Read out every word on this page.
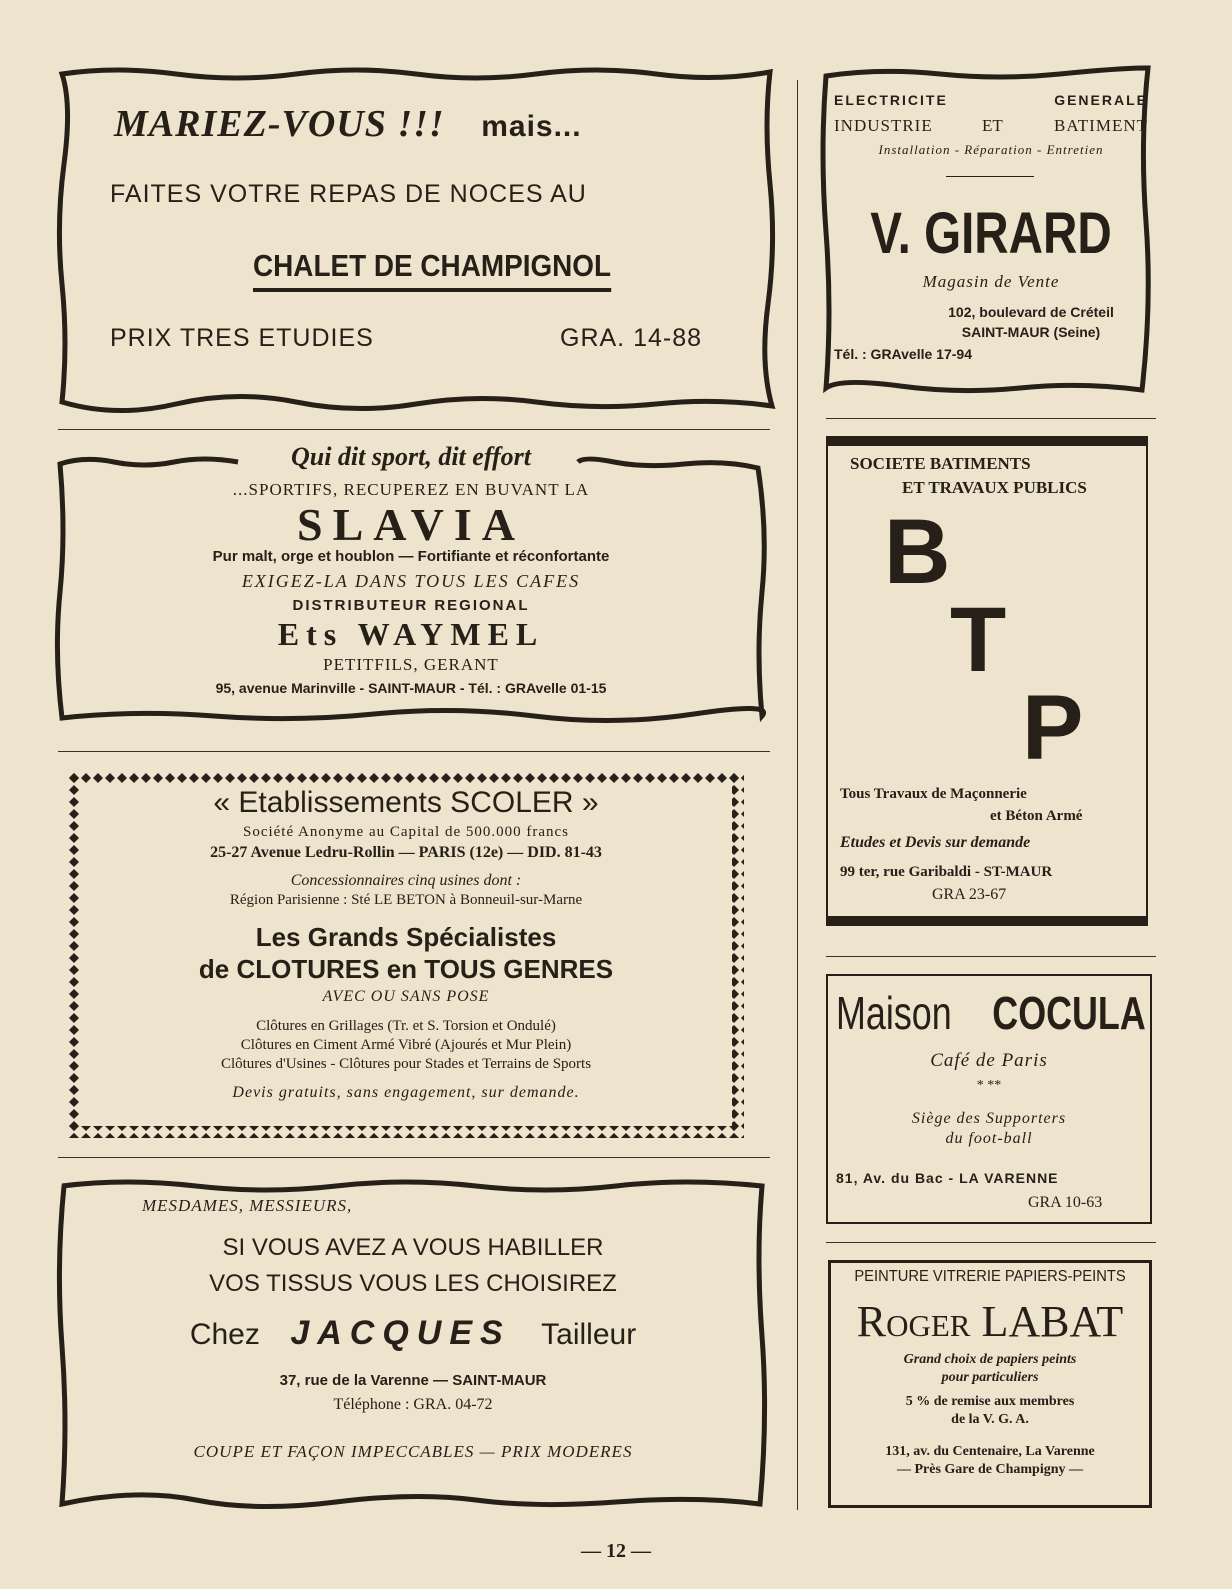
MARIEZ-VOUS !!! mais...
FAITES VOTRE REPAS DE NOCES AU
CHALET DE CHAMPIGNOL
PRIX TRES ETUDIES	GRA. 14-88
Qui dit sport, dit effort
...SPORTIFS, RECUPEREZ EN BUVANT LA
SLAVIA
Pur malt, orge et houblon — Fortifiante et réconfortante
EXIGEZ-LA DANS TOUS LES CAFES
DISTRIBUTEUR REGIONAL
Ets WAYMEL
PETITFILS, GERANT
95, avenue Marinville - SAINT-MAUR - Tél. : GRAvelle 01-15
« Etablissements SCOLER »
Société Anonyme au Capital de 500.000 francs
25-27 Avenue Ledru-Rollin — PARIS (12e) — DID. 81-43
Concessionnaires cinq usines dont :
Région Parisienne : Sté LE BETON à Bonneuil-sur-Marne
Les Grands Spécialistes
de CLOTURES en TOUS GENRES
AVEC OU SANS POSE
Clôtures en Grillages (Tr. et S. Torsion et Ondulé)
Clôtures en Ciment Armé Vibré (Ajourés et Mur Plein)
Clôtures d'Usines - Clôtures pour Stades et Terrains de Sports
Devis gratuits, sans engagement, sur demande.
MESDAMES, MESSIEURS,
SI VOUS AVEZ A VOUS HABILLER
VOS TISSUS VOUS LES CHOISIREZ
Chez JACQUES Tailleur
37, rue de la Varenne — SAINT-MAUR
Téléphone : GRA. 04-72
COUPE ET FAÇON IMPECCABLES — PRIX MODERES
ELECTRICITE	GENERALE
INDUSTRIE	ET	BATIMENT
Installation - Réparation - Entretien
V. GIRARD
Magasin de Vente
102, boulevard de Créteil
SAINT-MAUR (Seine)
Tél. : GRAvelle 17-94
SOCIETE BATIMENTS
ET TRAVAUX PUBLICS
B
T
P
Tous Travaux de Maçonnerie
et Béton Armé
Etudes et Devis sur demande
99 ter, rue Garibaldi - ST-MAUR
GRA 23-67
Maison COCULA
Café de Paris
* **
Siège des Supporters
du foot-ball
81, Av. du Bac - LA VARENNE
GRA 10-63
PEINTURE VITRERIE PAPIERS-PEINTS
Roger LABAT
Grand choix de papiers peints
pour particuliers
5 % de remise aux membres
de la V. G. A.
131, av. du Centenaire, La Varenne
— Près Gare de Champigny —
— 12 —
